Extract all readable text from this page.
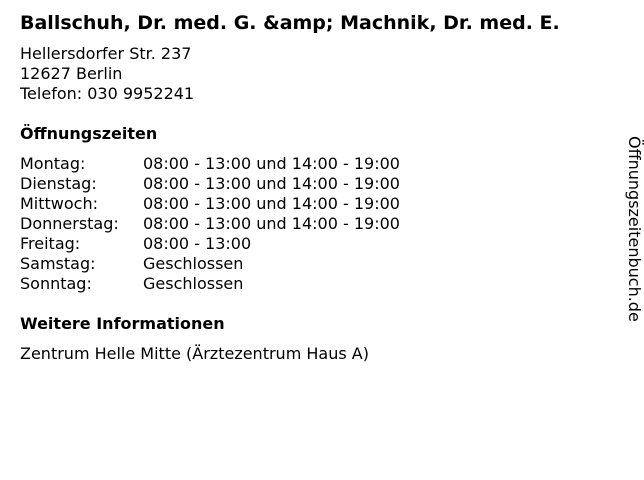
Ballschuh, Dr. med. G. &amp; Machnik, Dr. med. E.
Hellersdorfer Str. 237
12627 Berlin
Telefon: 030 9952241
Öffnungszeiten
Montag:	08:00 - 13:00 und 14:00 - 19:00
Dienstag:	08:00 - 13:00 und 14:00 - 19:00
Mittwoch:	08:00 - 13:00 und 14:00 - 19:00
Donnerstag:	08:00 - 13:00 und 14:00 - 19:00
Freitag:	08:00 - 13:00
Samstag:	Geschlossen
Sonntag:	Geschlossen
Weitere Informationen
Zentrum Helle Mitte (Ärztezentrum Haus A)
Öffnungszeitenbuch.de
